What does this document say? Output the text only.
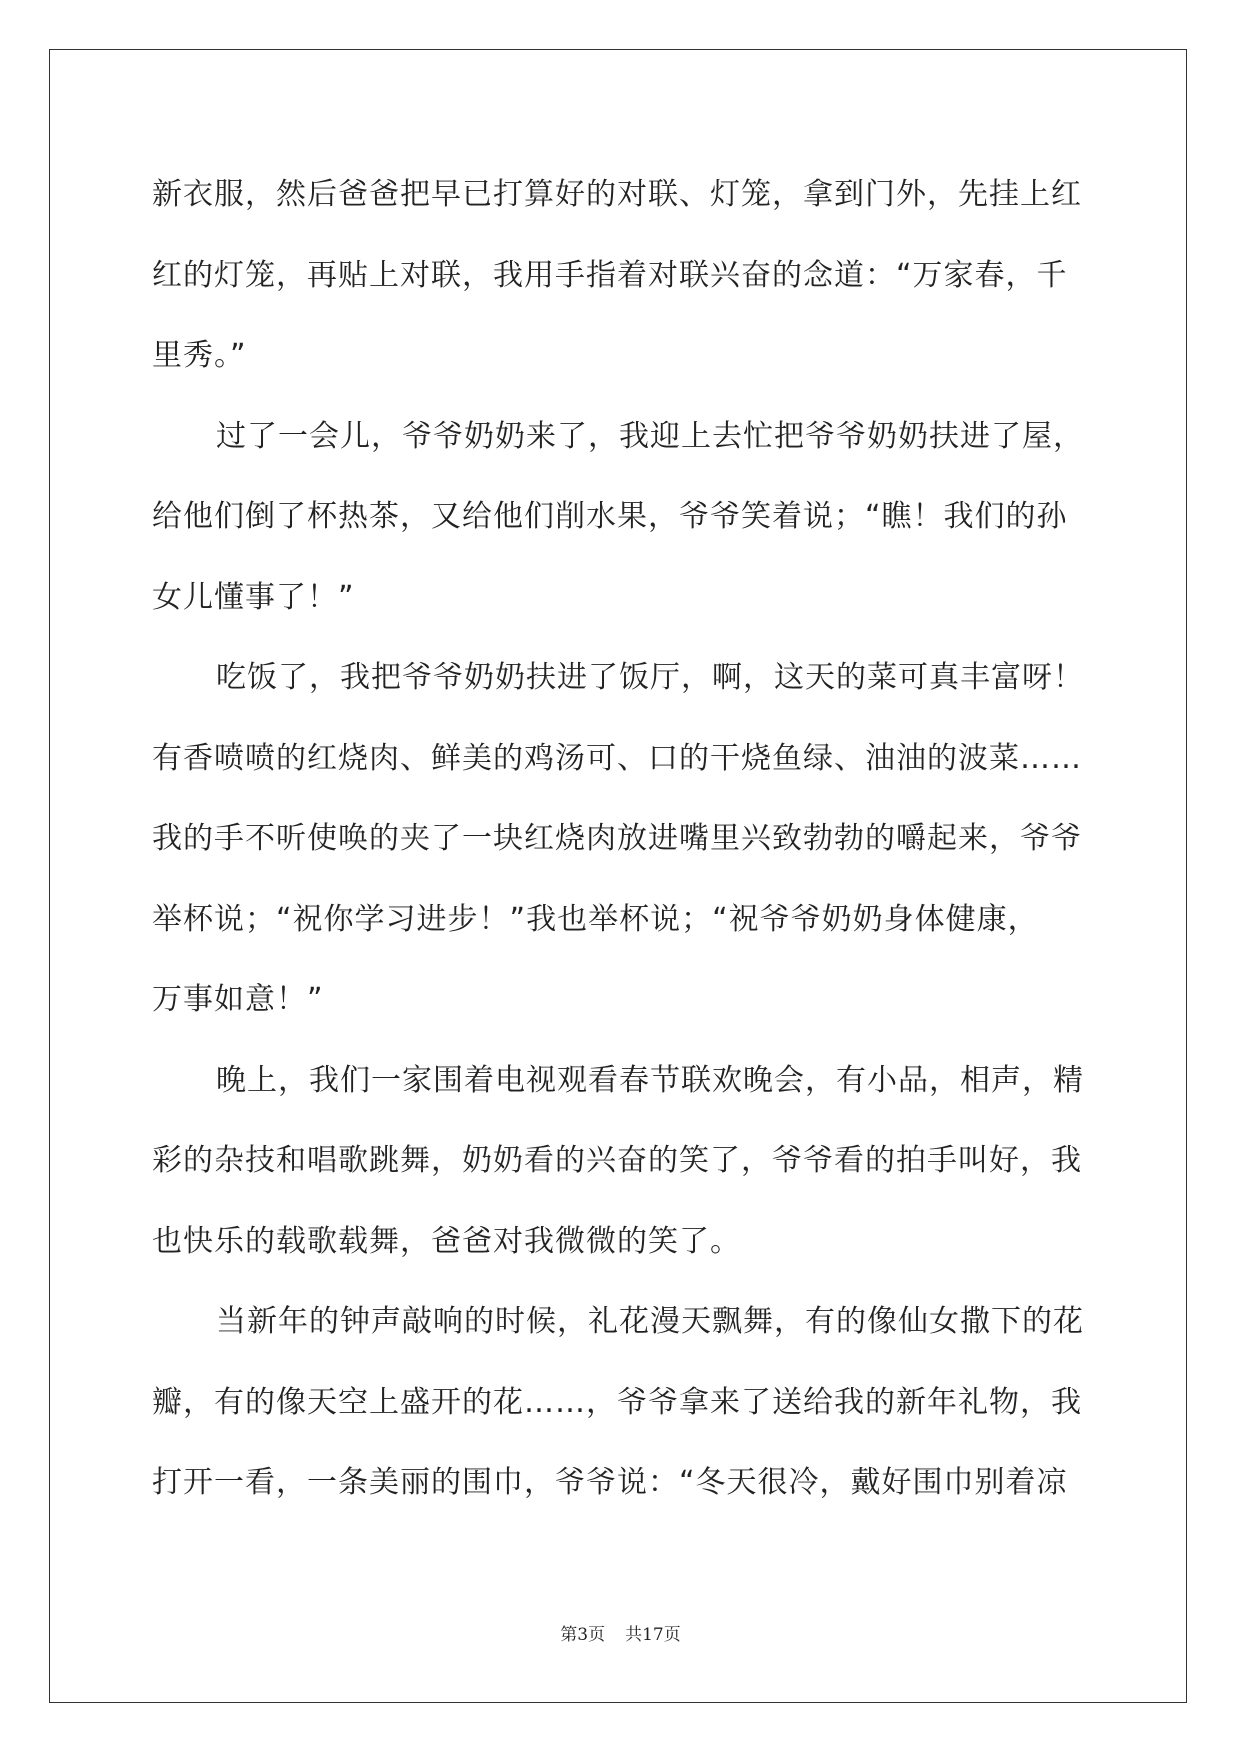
新衣服，然后爸爸把早已打算好的对联、灯笼，拿到门外，先挂上红
红的灯笼，再贴上对联，我用手指着对联兴奋的念道：“万家春，千
里秀。”

过了一会儿，爷爷奶奶来了，我迎上去忙把爷爷奶奶扶进了屋，
给他们倒了杯热茶，又给他们削水果，爷爷笑着说；“瞧！我们的孙
女儿懂事了！”

吃饭了，我把爷爷奶奶扶进了饭厅，啊，这天的菜可真丰富呀！
有香喷喷的红烧肉、鲜美的鸡汤可、口的干烧鱼绿、油油的波菜……
我的手不听使唤的夹了一块红烧肉放进嘴里兴致勃勃的嚼起来，爷爷
举杯说；“祝你学习进步！”我也举杯说；“祝爷爷奶奶身体健康，
万事如意！”

晚上，我们一家围着电视观看春节联欢晚会，有小品，相声，精
彩的杂技和唱歌跳舞，奶奶看的兴奋的笑了，爷爷看的拍手叫好，我
也快乐的载歌载舞，爸爸对我微微的笑了。

当新年的钟声敲响的时候，礼花漫天飘舞，有的像仙女撒下的花
瓣，有的像天空上盛开的花……，爷爷拿来了送给我的新年礼物，我
打开一看，一条美丽的围巾，爷爷说：“冬天很冷，戴好围巾别着凉

第3页 共17页
